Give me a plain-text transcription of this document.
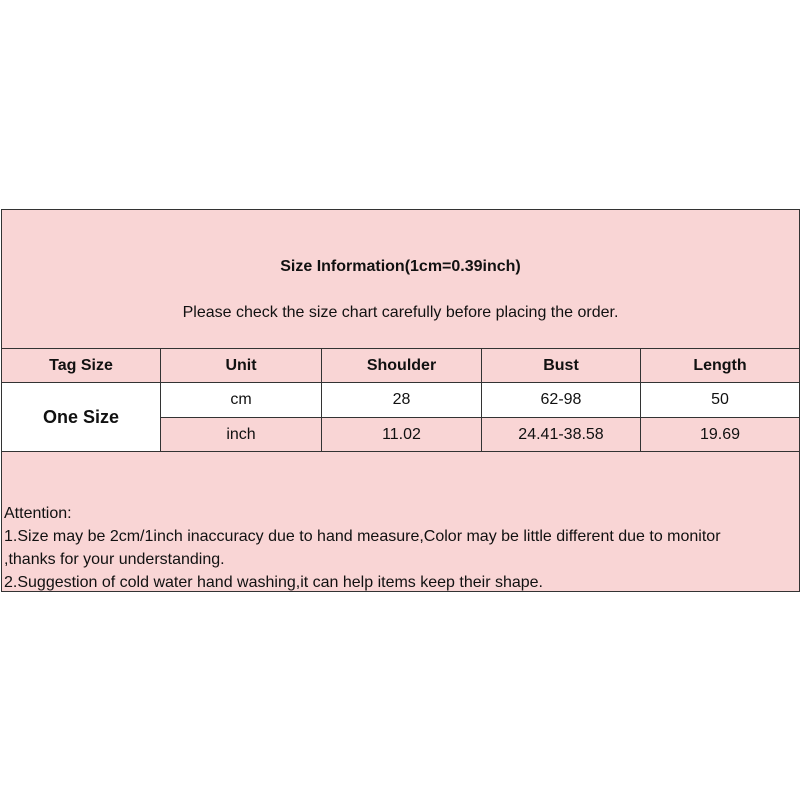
Size Information(1cm=0.39inch)
Please check the size chart carefully before placing the order.
Tag Size	Unit	Shoulder	Bust	Length
One Size
cm	28	62-98	50
inch	11.02	24.41-38.58	19.69
Attention:
1.Size may be 2cm/1inch inaccuracy due to hand measure,Color may be little different due to monitor
,thanks for your understanding.
2.Suggestion of cold water hand washing,it can help items keep their shape.
